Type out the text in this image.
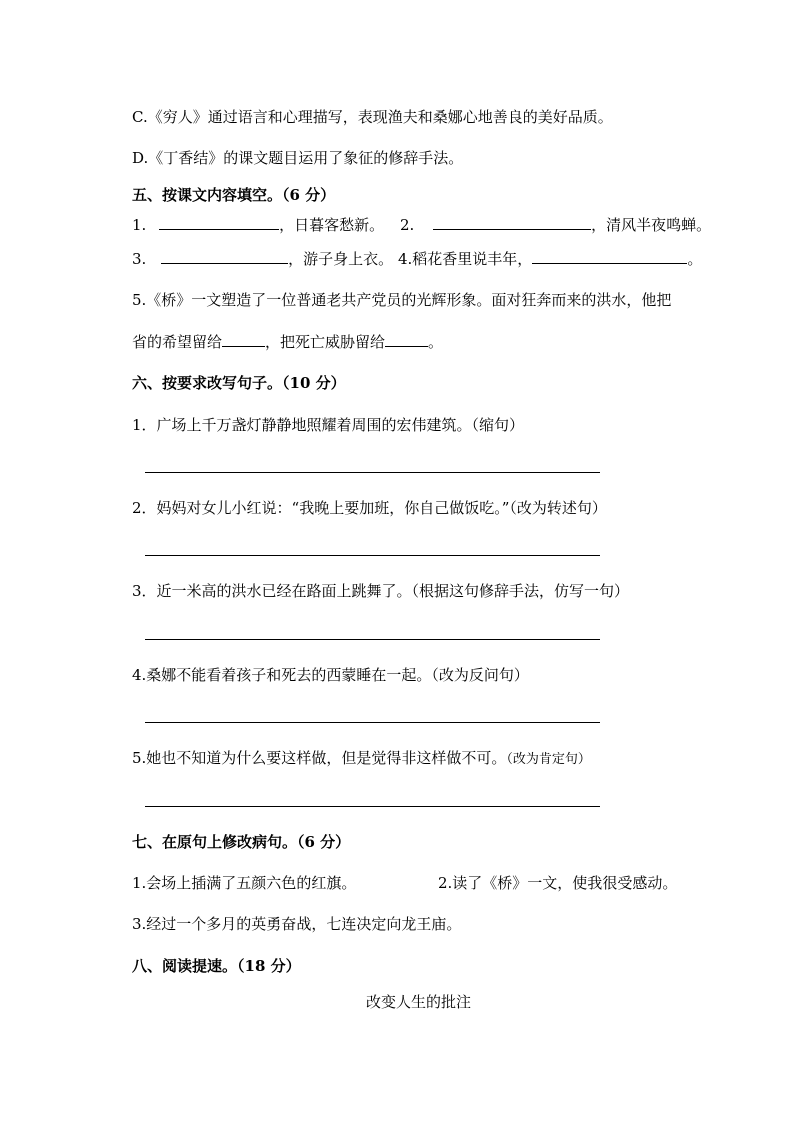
C.《穷人》通过语言和心理描写，表现渔夫和桑娜心地善良的美好品质。
D.《丁香结》的课文题目运用了象征的修辞手法。
五、按课文内容填空。（6 分）
1.	，日暮客愁新。 2.	，清风半夜鸣蝉。
3.	，游子身上衣。 4.稻花香里说丰年，	。
5.《桥》一文塑造了一位普通老共产党员的光辉形象。面对狂奔而来的洪水，他把
省的希望留给	，把死亡威胁留给	。
六、按要求改写句子。（10 分）
1．广场上千万盏灯静静地照耀着周围的宏伟建筑。（缩句）
2．妈妈对女儿小红说：“我晚上要加班，你自己做饭吃。”（改为转述句）
3．近一米高的洪水已经在路面上跳舞了。（根据这句修辞手法，仿写一句）
4.桑娜不能看着孩子和死去的西蒙睡在一起。（改为反问句）
5.她也不知道为什么要这样做，但是觉得非这样做不可。（改为肯定句）
七、在原句上修改病句。（6 分）
1.会场上插满了五颜六色的红旗。	2.读了《桥》一文，使我很受感动。
3.经过一个多月的英勇奋战，七连决定向龙王庙。
八、阅读提速。（18 分）
改变人生的批注
